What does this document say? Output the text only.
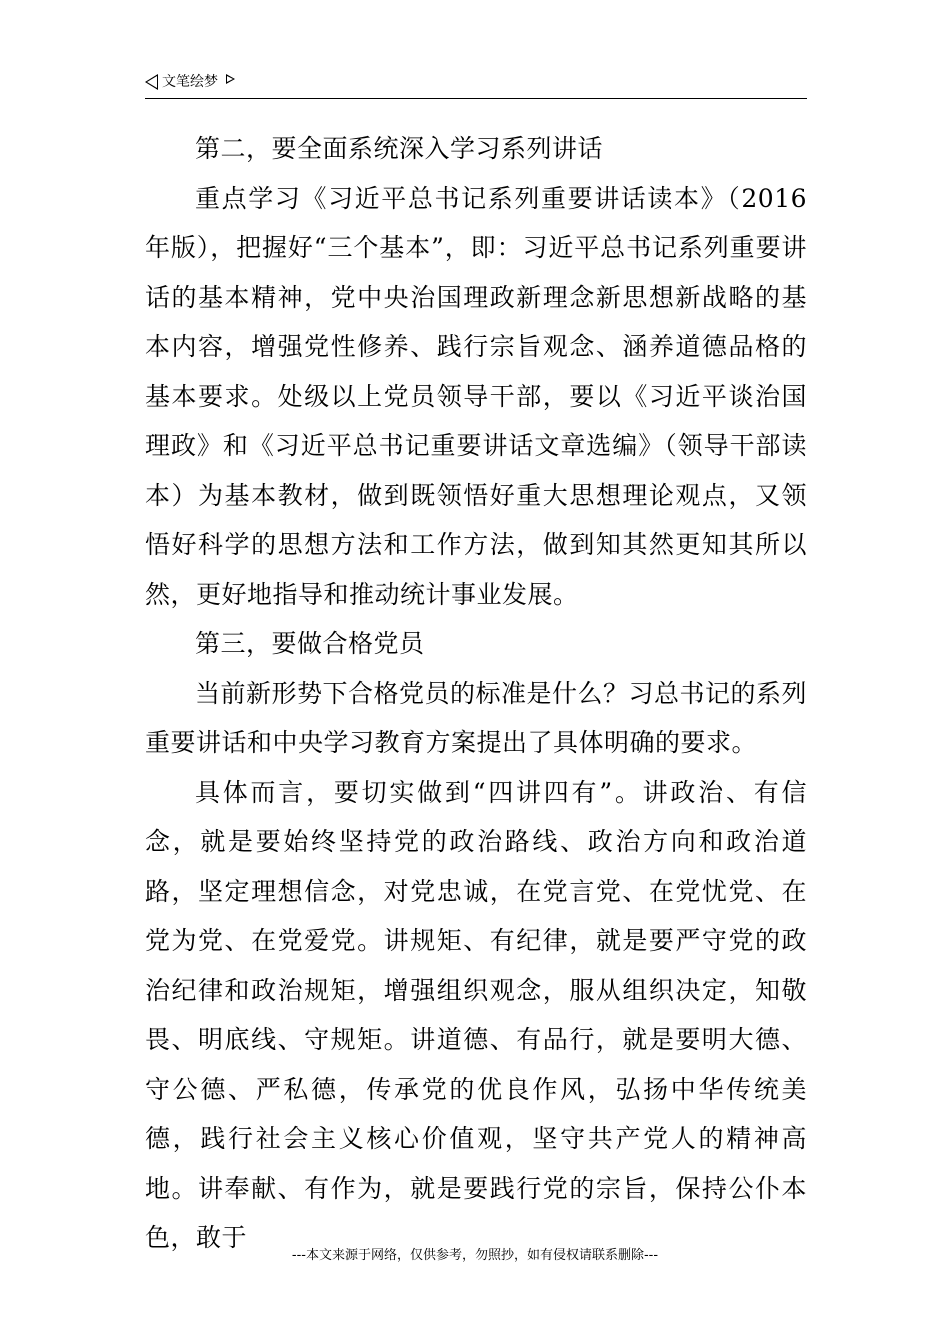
文笔绘梦

第二，要全面系统深入学习系列讲话

重点学习《习近平总书记系列重要讲话读本》（2016年版），把握好“三个基本”，即：习近平总书记系列重要讲话的基本精神，党中央治国理政新理念新思想新战略的基本内容，增强党性修养、践行宗旨观念、涵养道德品格的基本要求。处级以上党员领导干部，要以《习近平谈治国理政》和《习近平总书记重要讲话文章选编》（领导干部读本）为基本教材，做到既领悟好重大思想理论观点，又领悟好科学的思想方法和工作方法，做到知其然更知其所以然，更好地指导和推动统计事业发展。

第三，要做合格党员

当前新形势下合格党员的标准是什么？习总书记的系列重要讲话和中央学习教育方案提出了具体明确的要求。

具体而言，要切实做到“四讲四有”。讲政治、有信念，就是要始终坚持党的政治路线、政治方向和政治道路，坚定理想信念，对党忠诚，在党言党、在党忧党、在党为党、在党爱党。讲规矩、有纪律，就是要严守党的政治纪律和政治规矩，增强组织观念，服从组织决定，知敬畏、明底线、守规矩。讲道德、有品行，就是要明大德、守公德、严私德，传承党的优良作风，弘扬中华传统美德，践行社会主义核心价值观，坚守共产党人的精神高地。讲奉献、有作为，就是要践行党的宗旨，保持公仆本色，敢于

---本文来源于网络，仅供参考，勿照抄，如有侵权请联系删除---
